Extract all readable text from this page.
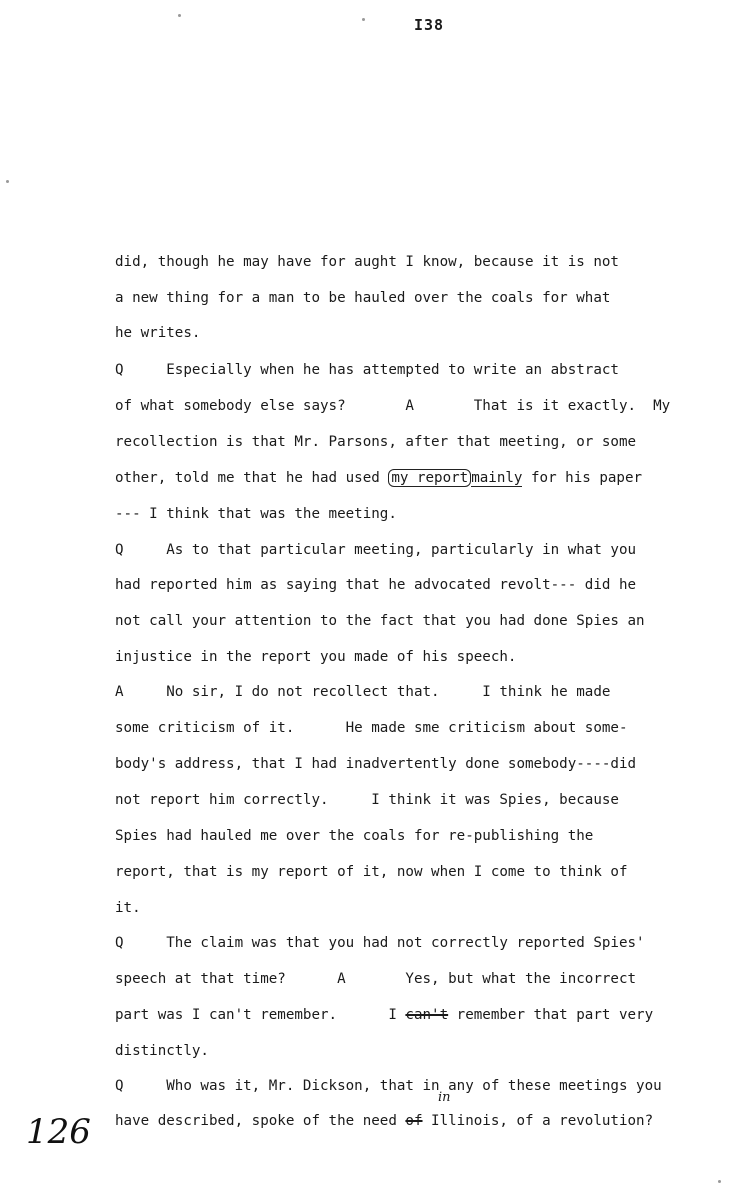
I38
did, though he may have for aught I know, because it is not
a new thing for a man to be hauled over the coals for what
he writes.
Q     Especially when he has attempted to write an abstract
of what somebody else says?       A       That is it exactly.  My
recollection is that Mr. Parsons, after that meeting, or some
other, told me that he had used my report mainly for his paper
--- I think that was the meeting.
Q     As to that particular meeting, particularly in what you
had reported him as saying that he advocated revolt--- did he
not call your attention to the fact that you had done Spies an
injustice in the report you made of his speech.
A     No sir, I do not recollect that.     I think he made
some criticism of it.      He made sme criticism about some-
body's address, that I had inadvertently done somebody----did
not report him correctly.     I think it was Spies, because
Spies had hauled me over the coals for re-publishing the
report, that is my report of it, now when I come to think of
it.
Q     The claim was that you had not correctly reported Spies'
speech at that time?      A       Yes, but what the incorrect
part was I can't remember.      I can't remember that part very
distinctly.
Q     Who was it, Mr. Dickson, that in any of these meetings you
have described, spoke of the need of Illinois, of a revolution?
in
126
